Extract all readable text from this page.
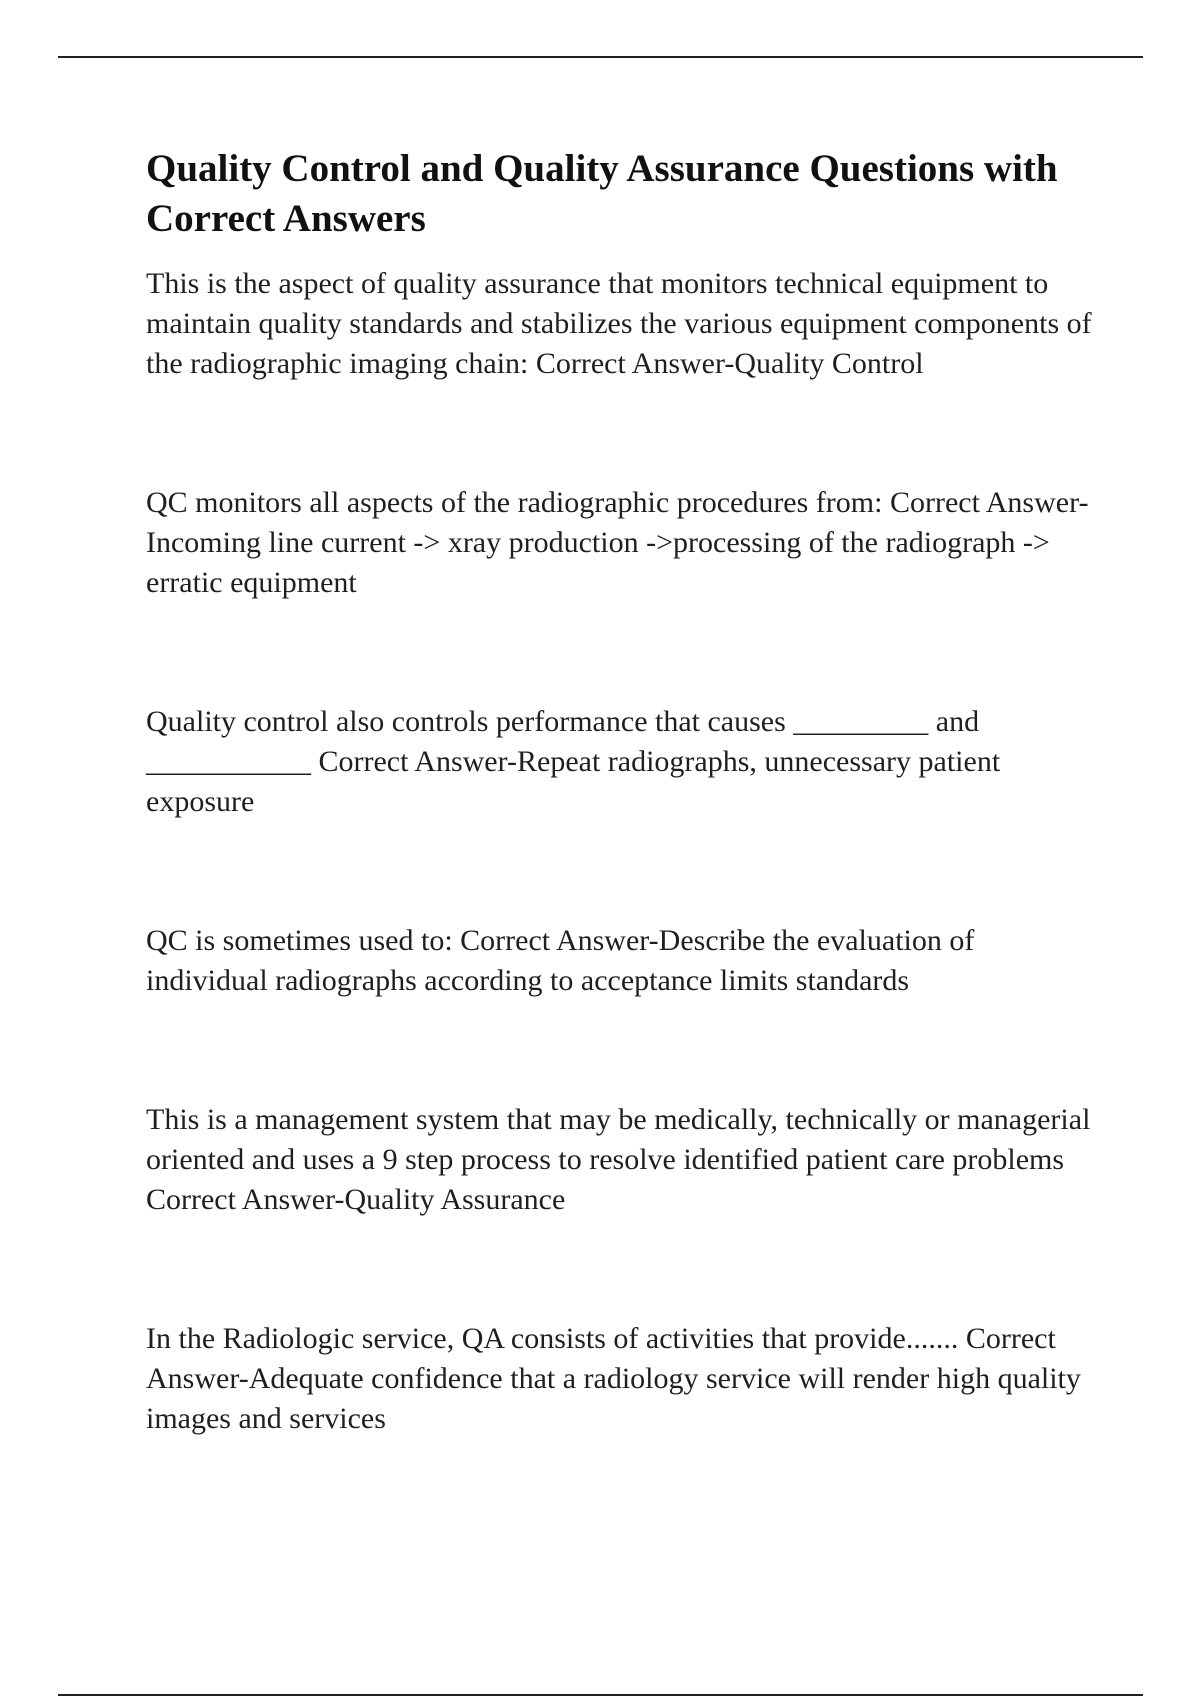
Quality Control and Quality Assurance Questions with Correct Answers

This is the aspect of quality assurance that monitors technical equipment to maintain quality standards and stabilizes the various equipment components of the radiographic imaging chain: Correct Answer-Quality Control

QC monitors all aspects of the radiographic procedures from: Correct Answer-Incoming line current -> xray production ->processing of the radiograph -> erratic equipment

Quality control also controls performance that causes _________ and ___________ Correct Answer-Repeat radiographs, unnecessary patient exposure

QC is sometimes used to: Correct Answer-Describe the evaluation of individual radiographs according to acceptance limits standards

This is a management system that may be medically, technically or managerial oriented and uses a 9 step process to resolve identified patient care problems Correct Answer-Quality Assurance

In the Radiologic service, QA consists of activities that provide....... Correct Answer-Adequate confidence that a radiology service will render high quality images and services
